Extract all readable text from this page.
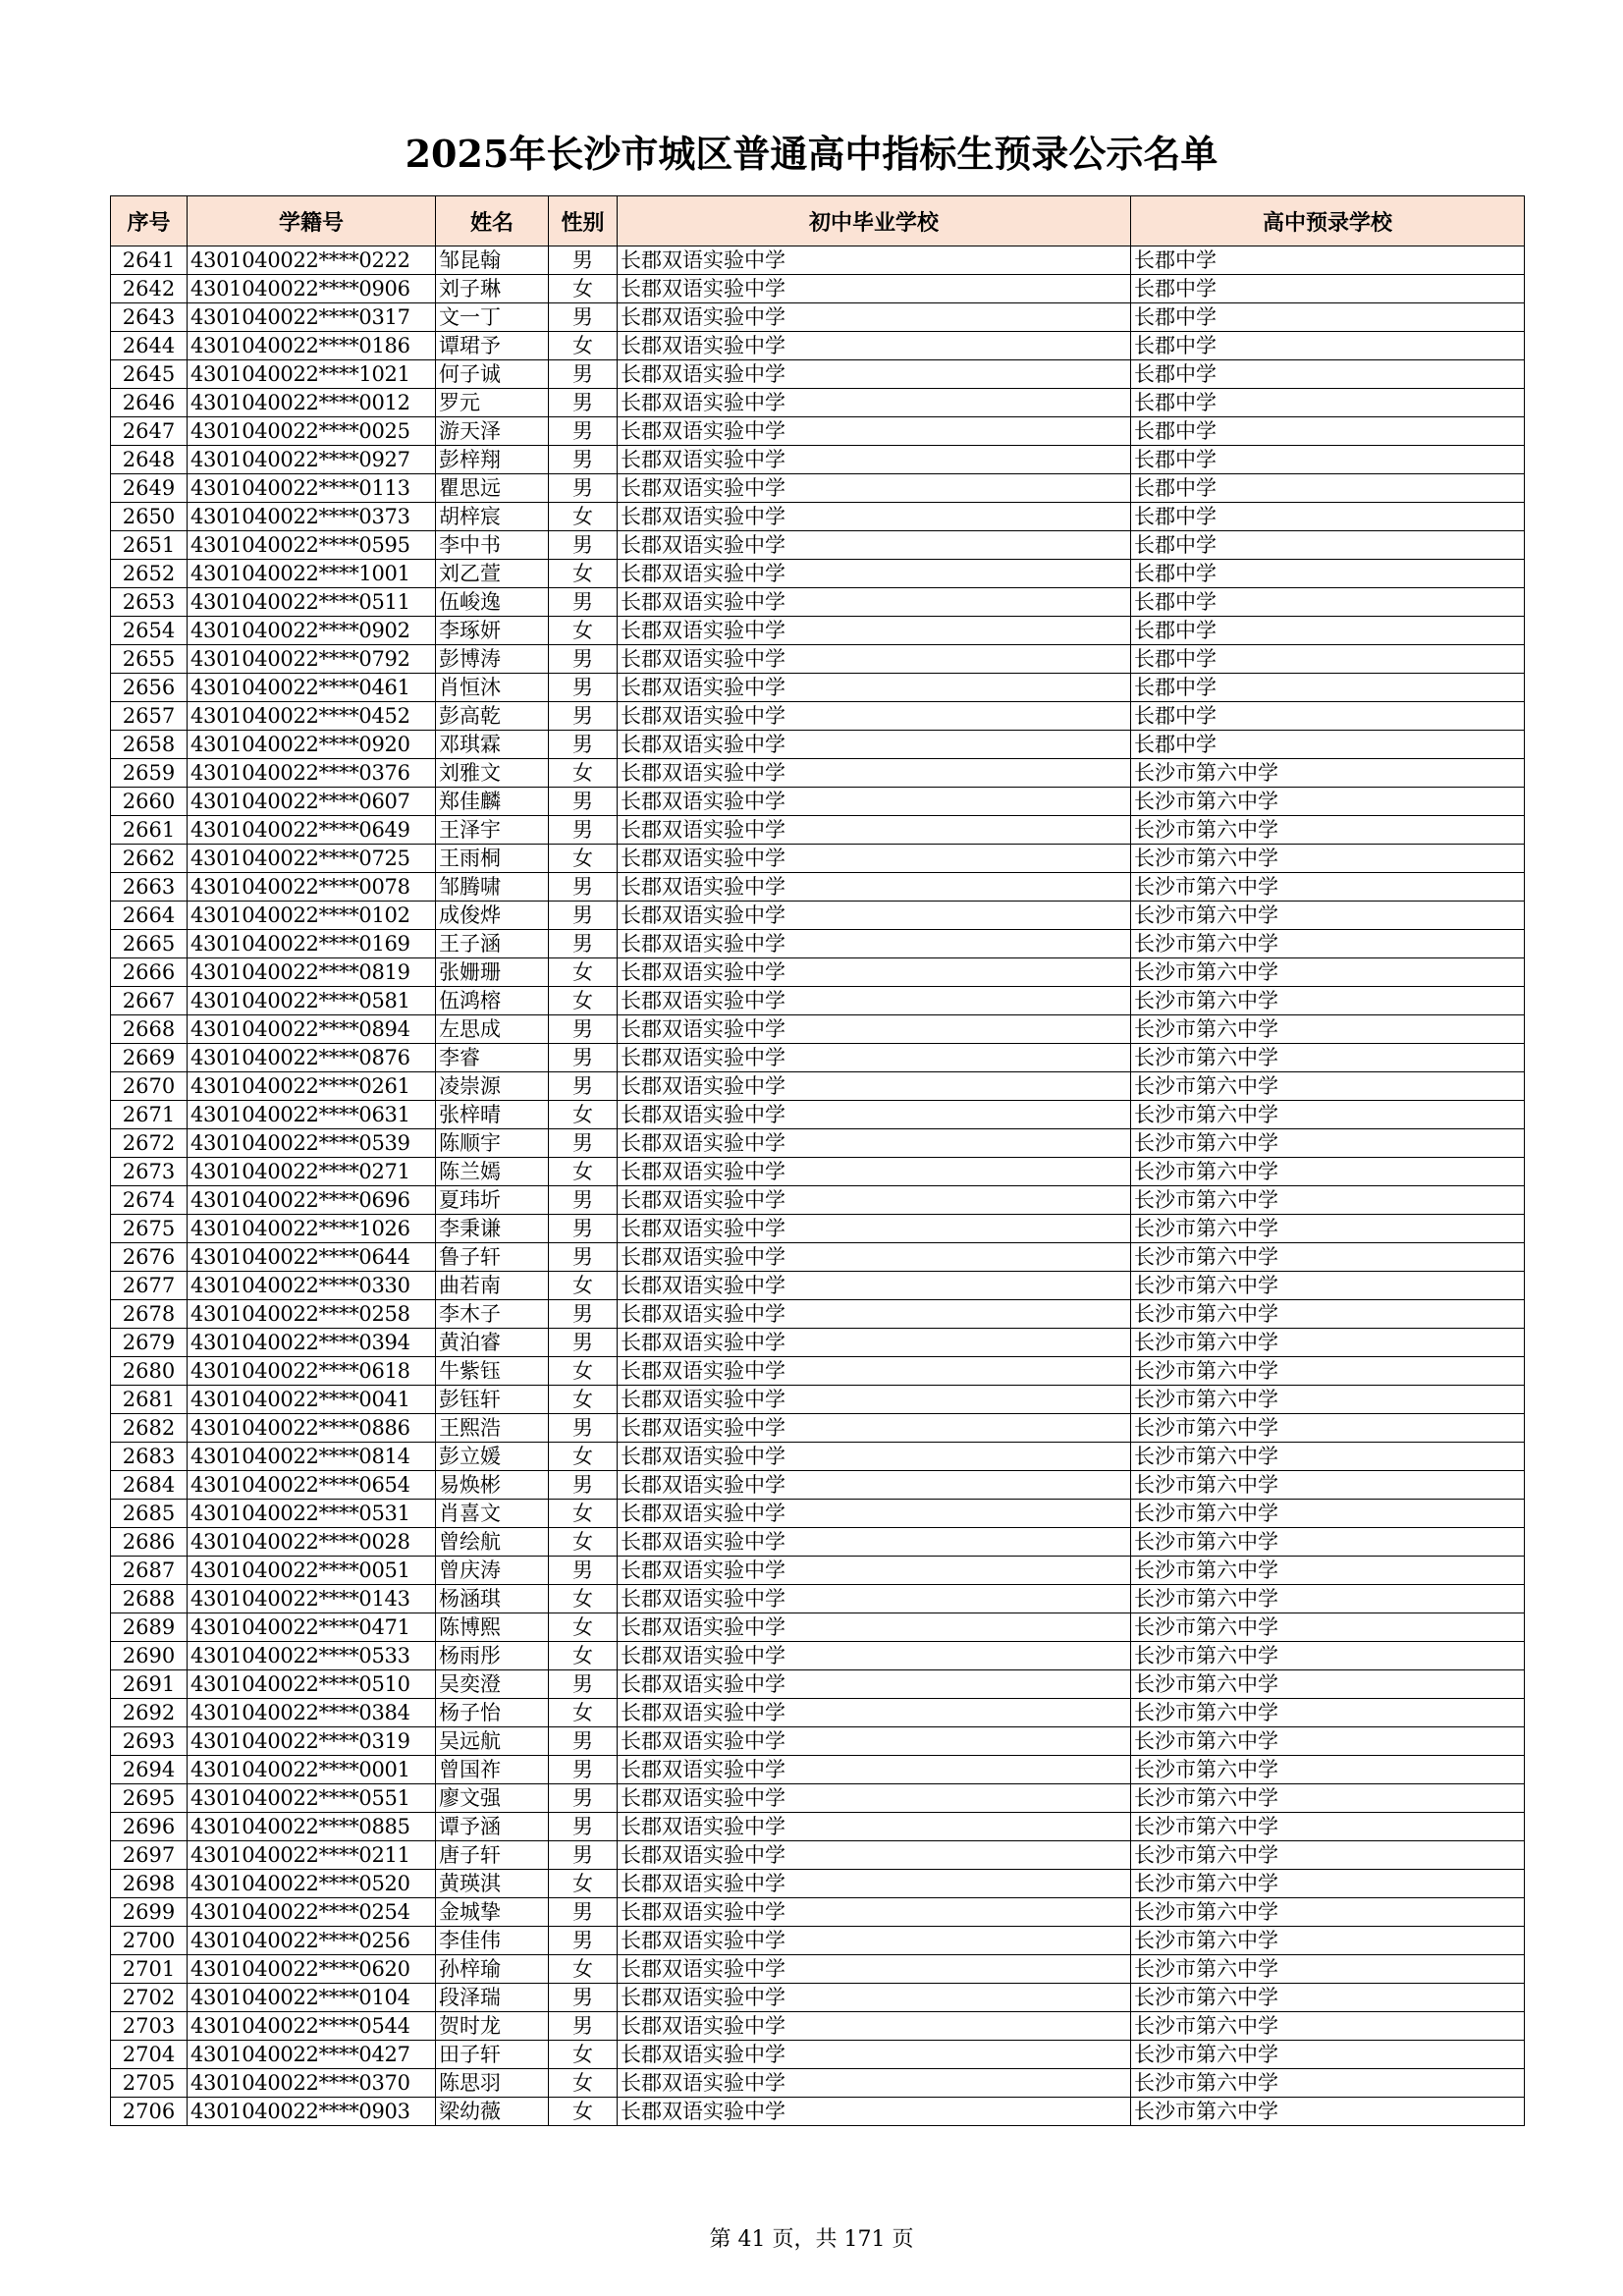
2025年长沙市城区普通高中指标生预录公示名单
序号	学籍号	姓名	性别	初中毕业学校	高中预录学校
2641	4301040022****0222	邹昆翰	男	长郡双语实验中学	长郡中学
2642	4301040022****0906	刘子琳	女	长郡双语实验中学	长郡中学
2643	4301040022****0317	文一丁	男	长郡双语实验中学	长郡中学
2644	4301040022****0186	谭珺予	女	长郡双语实验中学	长郡中学
2645	4301040022****1021	何子诚	男	长郡双语实验中学	长郡中学
2646	4301040022****0012	罗元	男	长郡双语实验中学	长郡中学
2647	4301040022****0025	游天泽	男	长郡双语实验中学	长郡中学
2648	4301040022****0927	彭梓翔	男	长郡双语实验中学	长郡中学
2649	4301040022****0113	瞿思远	男	长郡双语实验中学	长郡中学
2650	4301040022****0373	胡梓宸	女	长郡双语实验中学	长郡中学
2651	4301040022****0595	李中书	男	长郡双语实验中学	长郡中学
2652	4301040022****1001	刘乙萱	女	长郡双语实验中学	长郡中学
2653	4301040022****0511	伍峻逸	男	长郡双语实验中学	长郡中学
2654	4301040022****0902	李琢妍	女	长郡双语实验中学	长郡中学
2655	4301040022****0792	彭博涛	男	长郡双语实验中学	长郡中学
2656	4301040022****0461	肖恒沐	男	长郡双语实验中学	长郡中学
2657	4301040022****0452	彭高乾	男	长郡双语实验中学	长郡中学
2658	4301040022****0920	邓琪霖	男	长郡双语实验中学	长郡中学
2659	4301040022****0376	刘雅文	女	长郡双语实验中学	长沙市第六中学
2660	4301040022****0607	郑佳麟	男	长郡双语实验中学	长沙市第六中学
2661	4301040022****0649	王泽宇	男	长郡双语实验中学	长沙市第六中学
2662	4301040022****0725	王雨桐	女	长郡双语实验中学	长沙市第六中学
2663	4301040022****0078	邹腾啸	男	长郡双语实验中学	长沙市第六中学
2664	4301040022****0102	成俊烨	男	长郡双语实验中学	长沙市第六中学
2665	4301040022****0169	王子涵	男	长郡双语实验中学	长沙市第六中学
2666	4301040022****0819	张姗珊	女	长郡双语实验中学	长沙市第六中学
2667	4301040022****0581	伍鸿榕	女	长郡双语实验中学	长沙市第六中学
2668	4301040022****0894	左思成	男	长郡双语实验中学	长沙市第六中学
2669	4301040022****0876	李睿	男	长郡双语实验中学	长沙市第六中学
2670	4301040022****0261	凌崇源	男	长郡双语实验中学	长沙市第六中学
2671	4301040022****0631	张梓晴	女	长郡双语实验中学	长沙市第六中学
2672	4301040022****0539	陈顺宇	男	长郡双语实验中学	长沙市第六中学
2673	4301040022****0271	陈兰嫣	女	长郡双语实验中学	长沙市第六中学
2674	4301040022****0696	夏玮圻	男	长郡双语实验中学	长沙市第六中学
2675	4301040022****1026	李秉谦	男	长郡双语实验中学	长沙市第六中学
2676	4301040022****0644	鲁子轩	男	长郡双语实验中学	长沙市第六中学
2677	4301040022****0330	曲若南	女	长郡双语实验中学	长沙市第六中学
2678	4301040022****0258	李木子	男	长郡双语实验中学	长沙市第六中学
2679	4301040022****0394	黄泊睿	男	长郡双语实验中学	长沙市第六中学
2680	4301040022****0618	牛紫钰	女	长郡双语实验中学	长沙市第六中学
2681	4301040022****0041	彭钰轩	女	长郡双语实验中学	长沙市第六中学
2682	4301040022****0886	王熙浩	男	长郡双语实验中学	长沙市第六中学
2683	4301040022****0814	彭立媛	女	长郡双语实验中学	长沙市第六中学
2684	4301040022****0654	易焕彬	男	长郡双语实验中学	长沙市第六中学
2685	4301040022****0531	肖喜文	女	长郡双语实验中学	长沙市第六中学
2686	4301040022****0028	曾绘航	女	长郡双语实验中学	长沙市第六中学
2687	4301040022****0051	曾庆涛	男	长郡双语实验中学	长沙市第六中学
2688	4301040022****0143	杨涵琪	女	长郡双语实验中学	长沙市第六中学
2689	4301040022****0471	陈博熙	女	长郡双语实验中学	长沙市第六中学
2690	4301040022****0533	杨雨彤	女	长郡双语实验中学	长沙市第六中学
2691	4301040022****0510	吴奕澄	男	长郡双语实验中学	长沙市第六中学
2692	4301040022****0384	杨子怡	女	长郡双语实验中学	长沙市第六中学
2693	4301040022****0319	吴远航	男	长郡双语实验中学	长沙市第六中学
2694	4301040022****0001	曾国祚	男	长郡双语实验中学	长沙市第六中学
2695	4301040022****0551	廖文强	男	长郡双语实验中学	长沙市第六中学
2696	4301040022****0885	谭予涵	男	长郡双语实验中学	长沙市第六中学
2697	4301040022****0211	唐子轩	男	长郡双语实验中学	长沙市第六中学
2698	4301040022****0520	黄瑛淇	女	长郡双语实验中学	长沙市第六中学
2699	4301040022****0254	金城挚	男	长郡双语实验中学	长沙市第六中学
2700	4301040022****0256	李佳伟	男	长郡双语实验中学	长沙市第六中学
2701	4301040022****0620	孙梓瑜	女	长郡双语实验中学	长沙市第六中学
2702	4301040022****0104	段泽瑞	男	长郡双语实验中学	长沙市第六中学
2703	4301040022****0544	贺时龙	男	长郡双语实验中学	长沙市第六中学
2704	4301040022****0427	田子轩	女	长郡双语实验中学	长沙市第六中学
2705	4301040022****0370	陈思羽	女	长郡双语实验中学	长沙市第六中学
2706	4301040022****0903	梁幼薇	女	长郡双语实验中学	长沙市第六中学
第 41 页，共 171 页
